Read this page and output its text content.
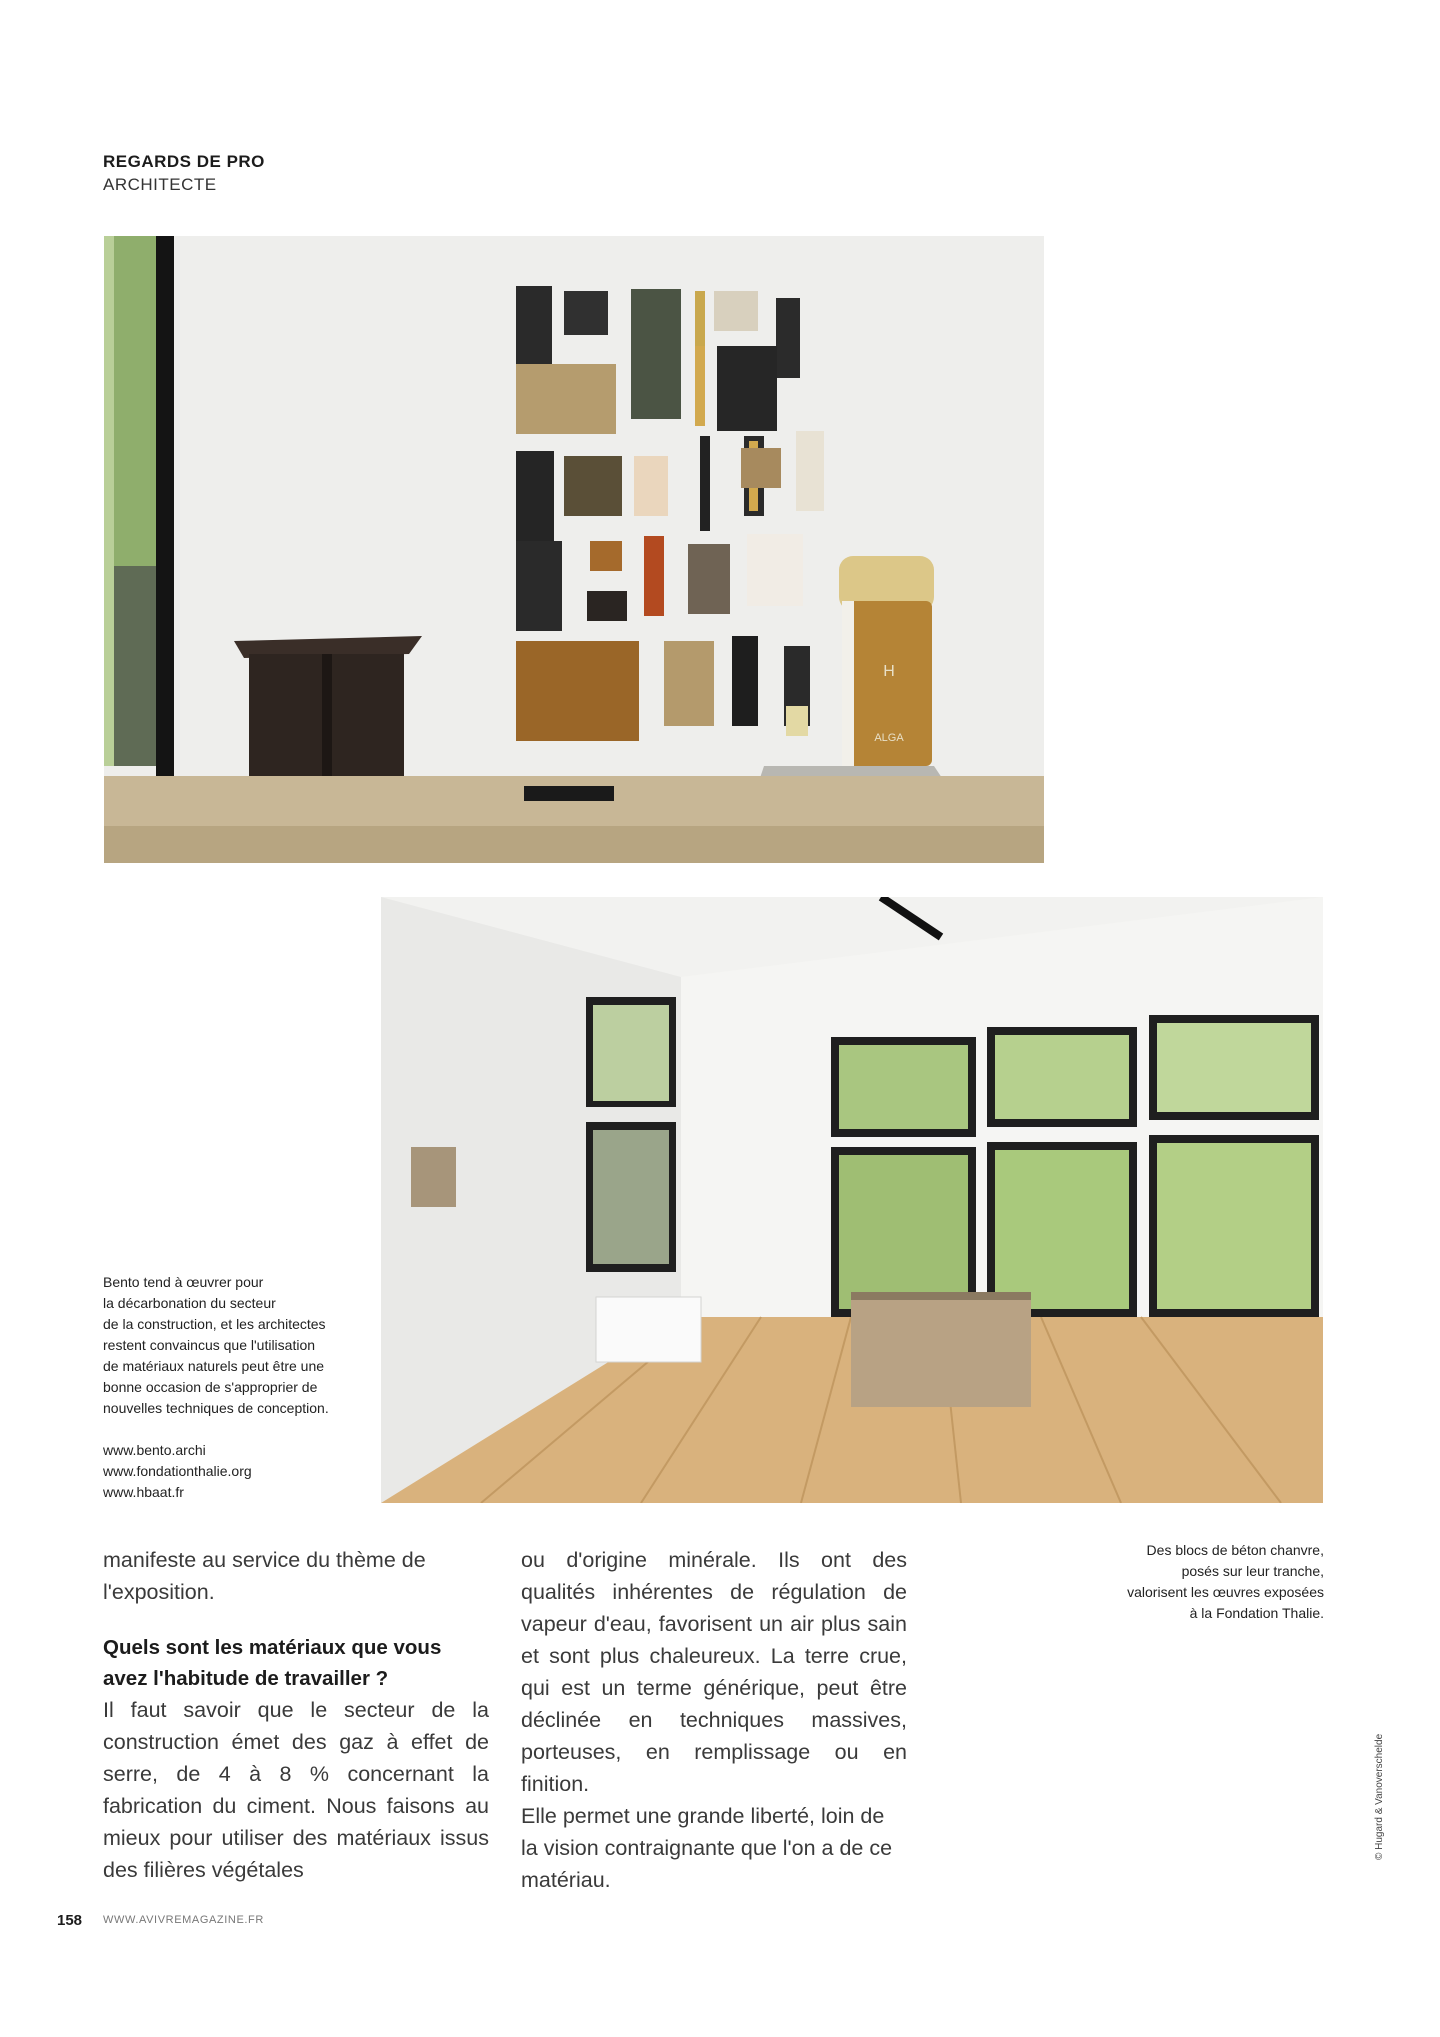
REGARDS DE PRO
ARCHITECTE
H
ALGA
Bento tend à œuvrer pour
la décarbonation du secteur
de la construction, et les architectes
restent convaincus que l'utilisation
de matériaux naturels peut être une
bonne occasion de s'approprier de
nouvelles techniques de conception.
www.bento.archi
www.fondationthalie.org
www.hbaat.fr

manifeste au service du thème de l'exposition.

Quels sont les matériaux que vous avez l'habitude de travailler ?

Il faut savoir que le secteur de la construction émet des gaz à effet de serre, de 4 à 8 % concernant la fabrication du ciment. Nous faisons au mieux pour utiliser des matériaux issus des filières végétales

ou d'origine minérale. Ils ont des qualités inhérentes de régulation de vapeur d'eau, favorisent un air plus sain et sont plus chaleureux. La terre crue, qui est un terme générique, peut être déclinée en techniques massives, porteuses, en remplissage ou en finition.

Elle permet une grande liberté, loin de la vision contraignante que l'on a de ce matériau.

Des blocs de béton chanvre,
posés sur leur tranche,
valorisent les œuvres exposées
à la Fondation Thalie.
© Hugard & Vanoverschelde
158 WWW.AVIVREMAGAZINE.FR
